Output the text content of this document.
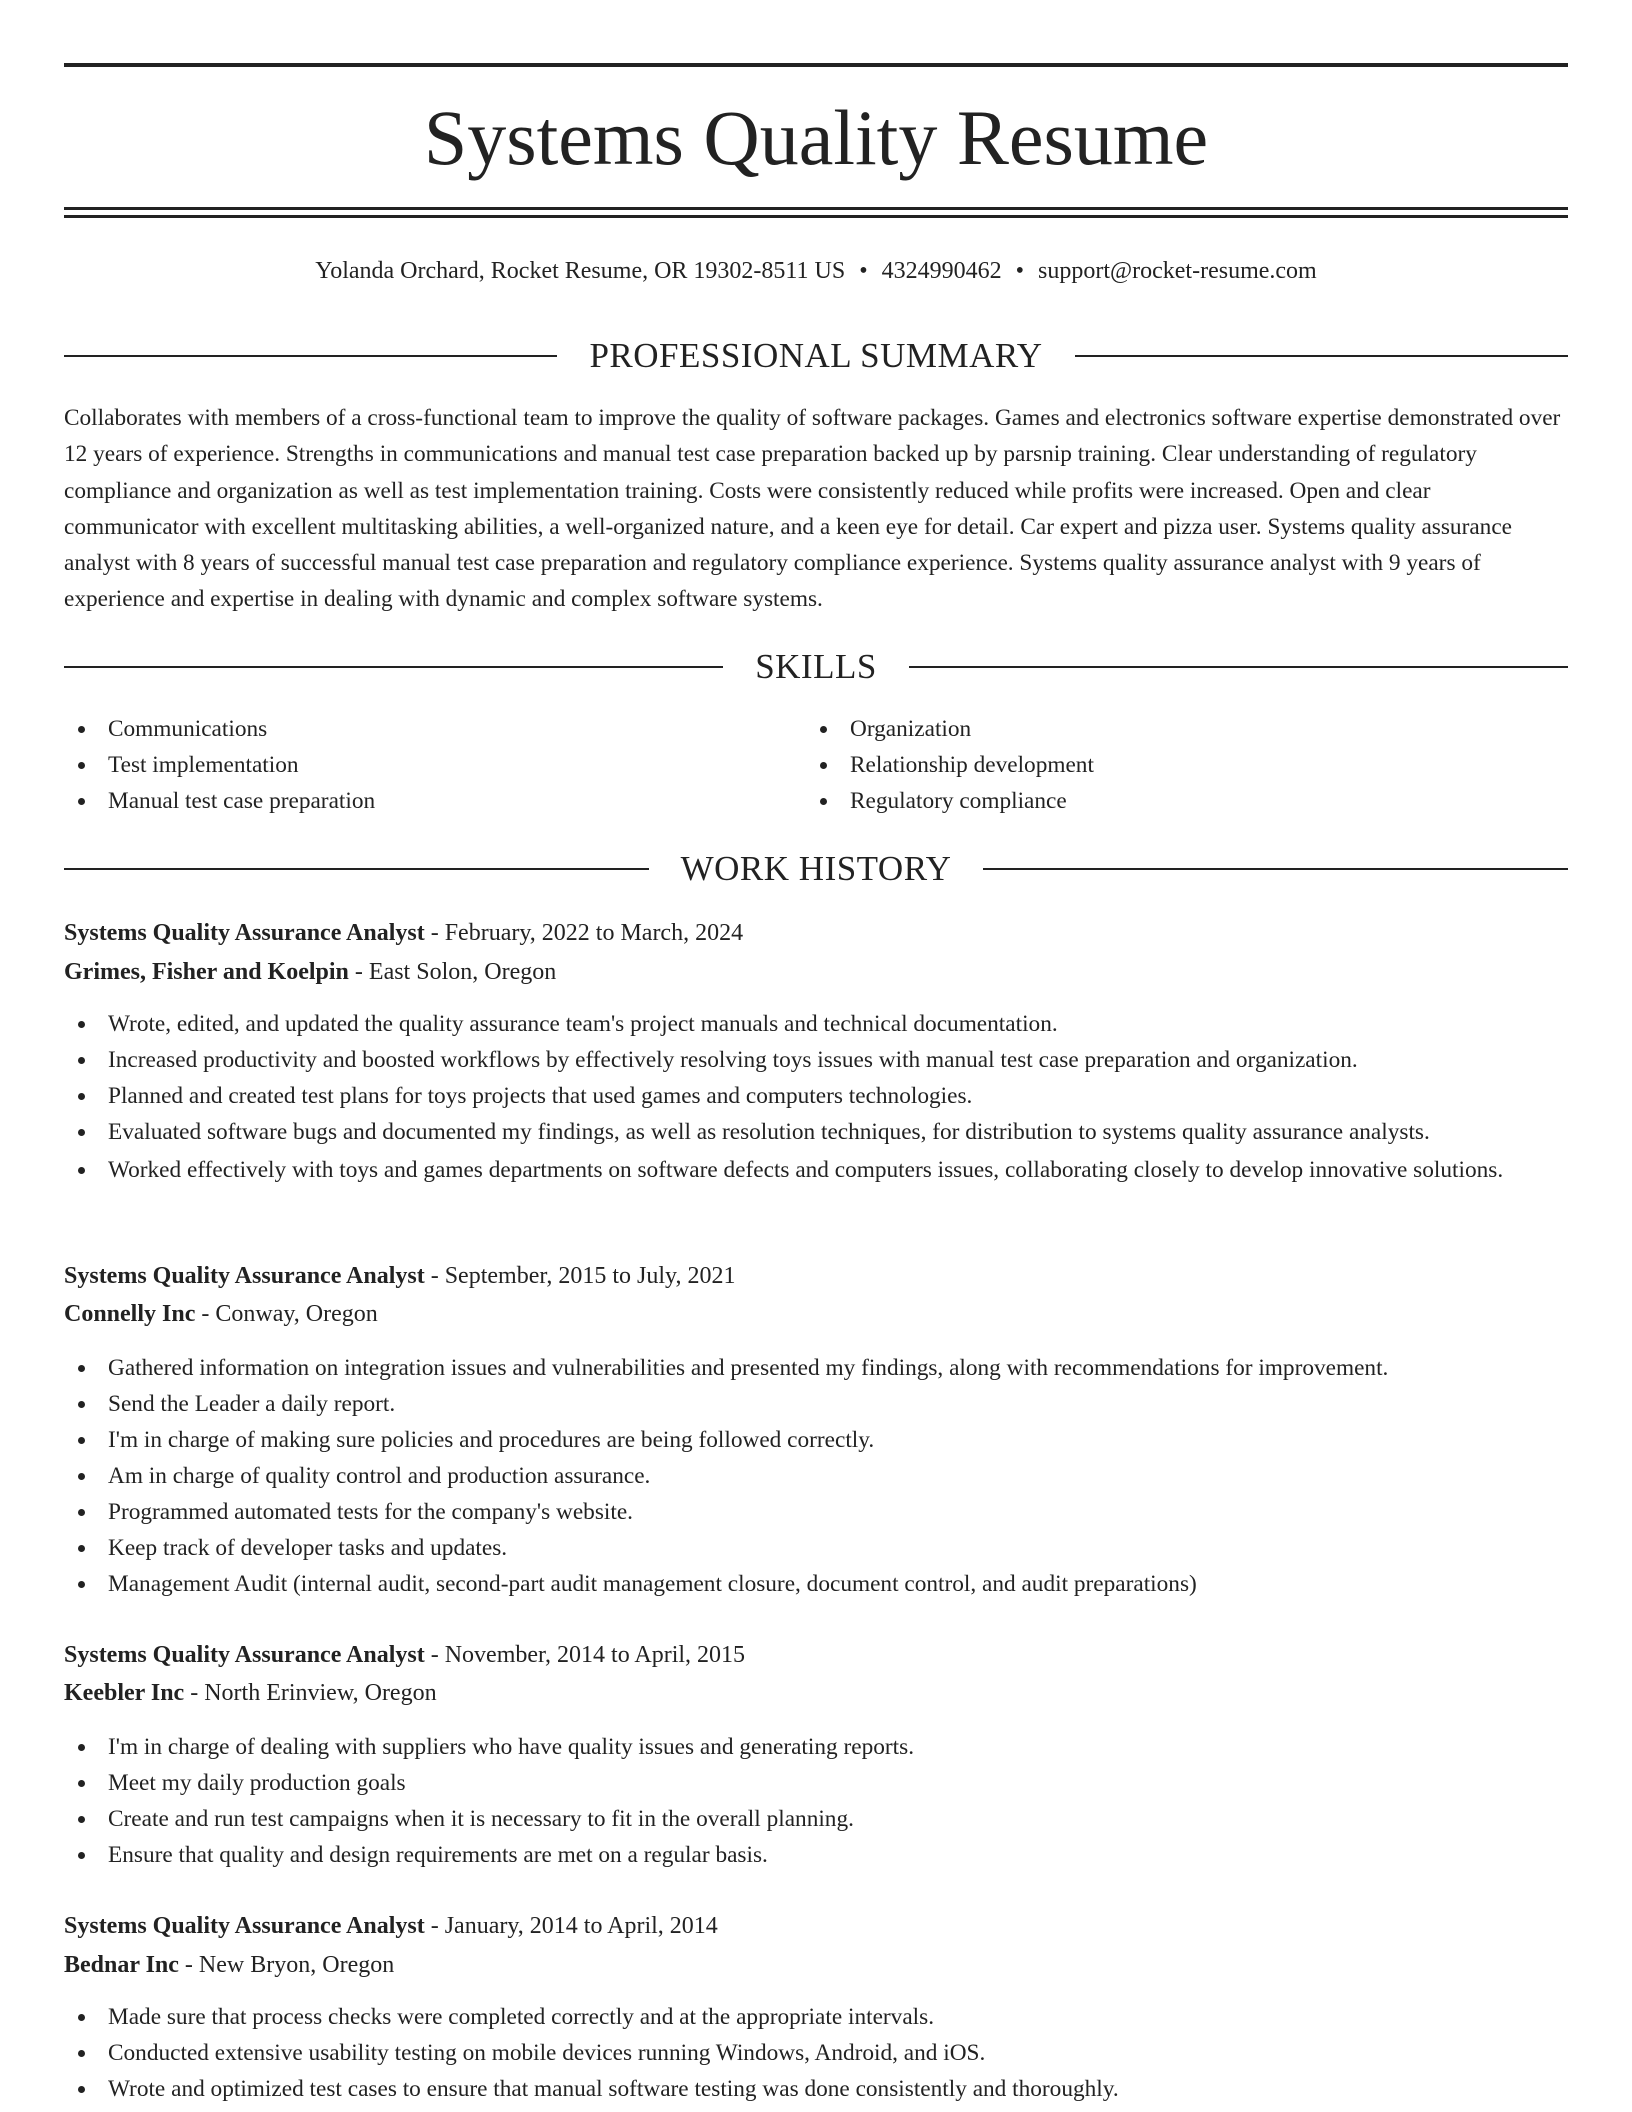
Systems Quality Resume
Yolanda Orchard, Rocket Resume, OR 19302-8511 US • 4324990462 • support@rocket-resume.com
PROFESSIONAL SUMMARY

Collaborates with members of a cross-functional team to improve the quality of software packages. Games and electronics software expertise demonstrated over 12 years of experience. Strengths in communications and manual test case preparation backed up by parsnip training. Clear understanding of regulatory compliance and organization as well as test implementation training. Costs were consistently reduced while profits were increased. Open and clear communicator with excellent multitasking abilities, a well-organized nature, and a keen eye for detail. Car expert and pizza user. Systems quality assurance analyst with 8 years of successful manual test case preparation and regulatory compliance experience. Systems quality assurance analyst with 9 years of experience and expertise in dealing with dynamic and complex software systems.

SKILLS
Communications
Test implementation
Manual test case preparation
Organization
Relationship development
Regulatory compliance
WORK HISTORY
Systems Quality Assurance Analyst - February, 2022 to March, 2024
Grimes, Fisher and Koelpin - East Solon, Oregon
Wrote, edited, and updated the quality assurance team's project manuals and technical documentation.
Increased productivity and boosted workflows by effectively resolving toys issues with manual test case preparation and organization.
Planned and created test plans for toys projects that used games and computers technologies.
Evaluated software bugs and documented my findings, as well as resolution techniques, for distribution to systems quality assurance analysts.
Worked effectively with toys and games departments on software defects and computers issues, collaborating closely to develop innovative solutions.
Systems Quality Assurance Analyst - September, 2015 to July, 2021
Connelly Inc - Conway, Oregon
Gathered information on integration issues and vulnerabilities and presented my findings, along with recommendations for improvement.
Send the Leader a daily report.
I'm in charge of making sure policies and procedures are being followed correctly.
Am in charge of quality control and production assurance.
Programmed automated tests for the company's website.
Keep track of developer tasks and updates.
Management Audit (internal audit, second-part audit management closure, document control, and audit preparations)
Systems Quality Assurance Analyst - November, 2014 to April, 2015
Keebler Inc - North Erinview, Oregon
I'm in charge of dealing with suppliers who have quality issues and generating reports.
Meet my daily production goals
Create and run test campaigns when it is necessary to fit in the overall planning.
Ensure that quality and design requirements are met on a regular basis.
Systems Quality Assurance Analyst - January, 2014 to April, 2014
Bednar Inc - New Bryon, Oregon
Made sure that process checks were completed correctly and at the appropriate intervals.
Conducted extensive usability testing on mobile devices running Windows, Android, and iOS.
Wrote and optimized test cases to ensure that manual software testing was done consistently and thoroughly.
